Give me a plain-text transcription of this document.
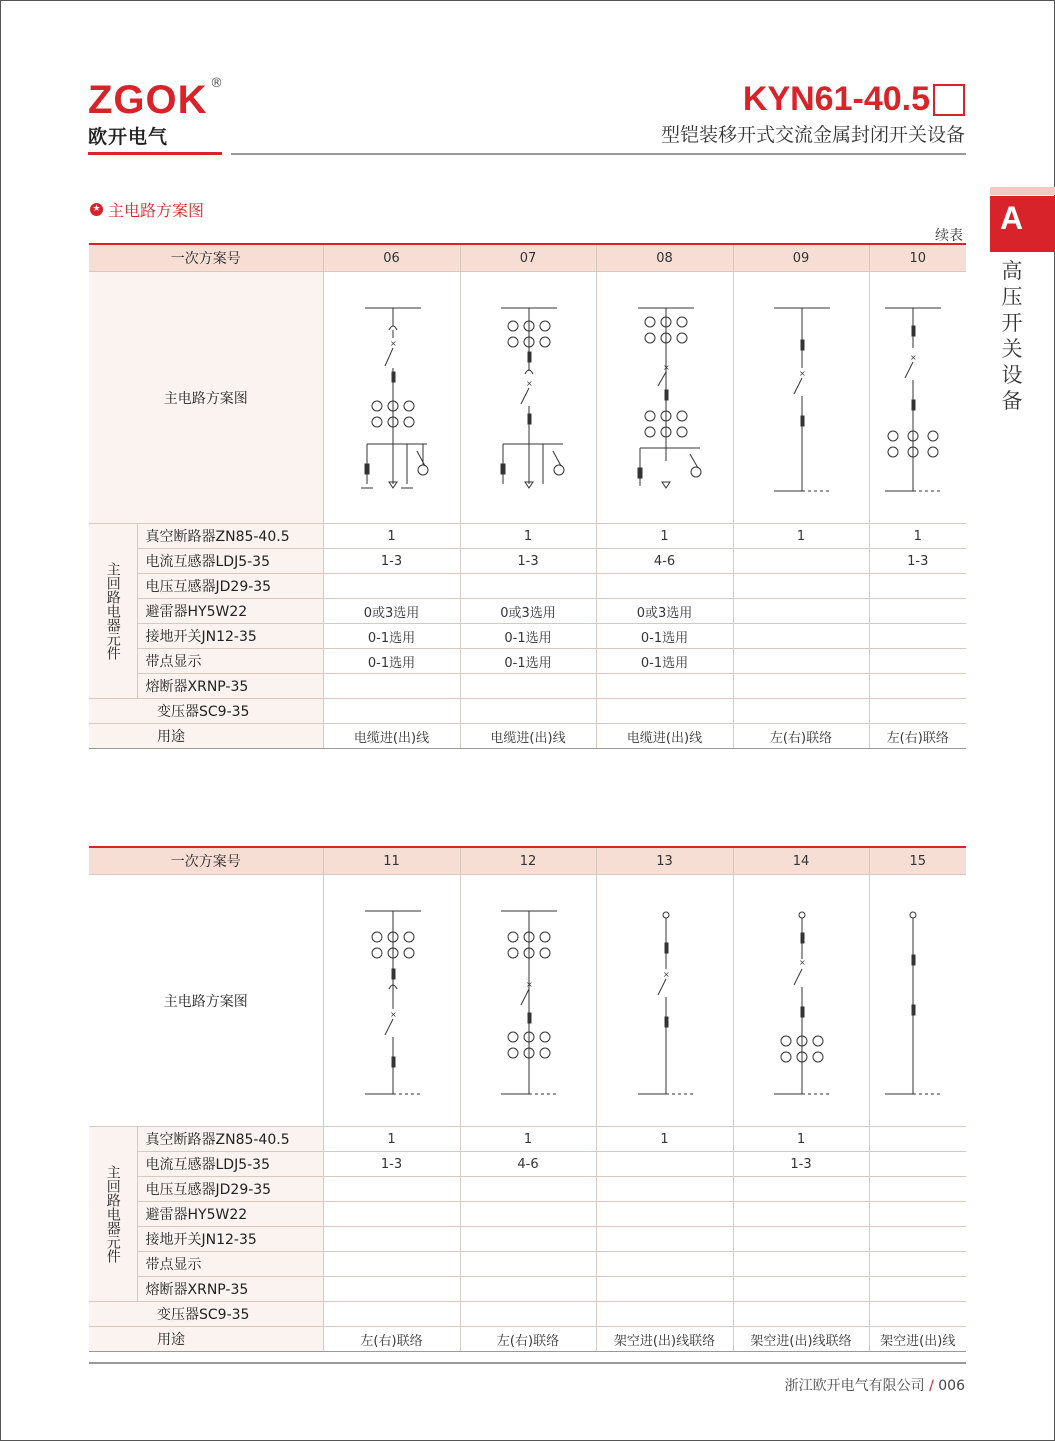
ZGOK ®
欧开电气
KYN61-40.5
型铠装移开式交流金属封闭开关设备
A
高压开关设备
★ 主电路方案图
续表
一次方案号		06	07	08	09	10
主电路方案图		×	×	×	×	×

主回路电器元件	真空断路器ZN85-40.5	1	1	1	1	1
	电流互感器LDJ5-35	1-3	1-3	4-6		1-3
	电压互感器JD29-35					
	避雷器HY5W22	0或3选用	0或3选用	0或3选用		
	接地开关JN12-35	0-1选用	0-1选用	0-1选用		
	带点显示	0-1选用	0-1选用	0-1选用		
	熔断器XRNP-35					
变压器SC9-35						
用途		电缆进(出)线	电缆进(出)线	电缆进(出)线	左(右)联络	左(右)联络
一次方案号		11	12	13	14	15
主电路方案图		×	×	×	×

主回路电器元件	真空断路器ZN85-40.5	1	1	1	1	
	电流互感器LDJ5-35	1-3	4-6		1-3	
	电压互感器JD29-35					
	避雷器HY5W22					
	接地开关JN12-35					
	带点显示					
	熔断器XRNP-35					
变压器SC9-35						
用途		左(右)联络	左(右)联络	架空进(出)线联络	架空进(出)线联络	架空进(出)线
浙江欧开电气有限公司 / 006
